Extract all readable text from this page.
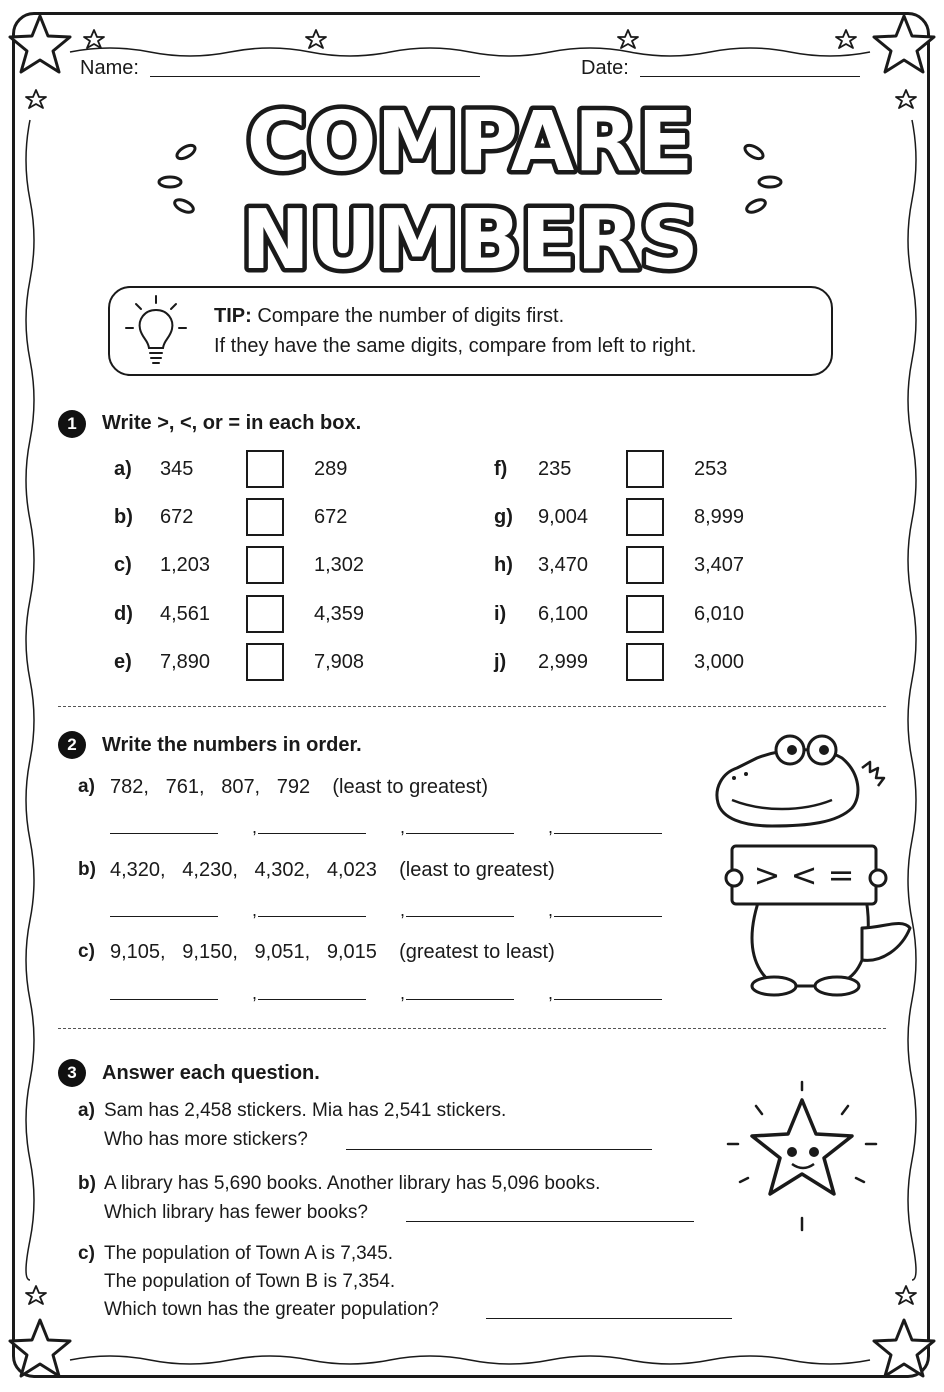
Name:	Date:
COMPARE
NUMBERS
TIP: Compare the number of digits first.
If they have the same digits, compare from left to right.
1	Write >, <, or = in each box.
a) 345	289
b) 672	672
c) 1,203	1,302
d) 4,561	4,359
e) 7,890	7,908
f) 235	253
g) 9,004	8,999
h) 3,470	3,407
i) 6,100	6,010
j) 2,999	3,000
2	Write the numbers in order.
a) 782,   761,   807,   792    (least to greatest)
,	,	,
b) 4,320,   4,230,   4,302,   4,023    (least to greatest)
,	,	,
c) 9,105,   9,150,   9,051,   9,015    (greatest to least)
,	,	,
> < =
3	Answer each question.
a) Sam has 2,458 stickers. Mia has 2,541 stickers.
Who has more stickers?
b) A library has 5,690 books. Another library has 5,096 books.
Which library has fewer books?
c) The population of Town A is 7,345.
The population of Town B is 7,354.
Which town has the greater population?
